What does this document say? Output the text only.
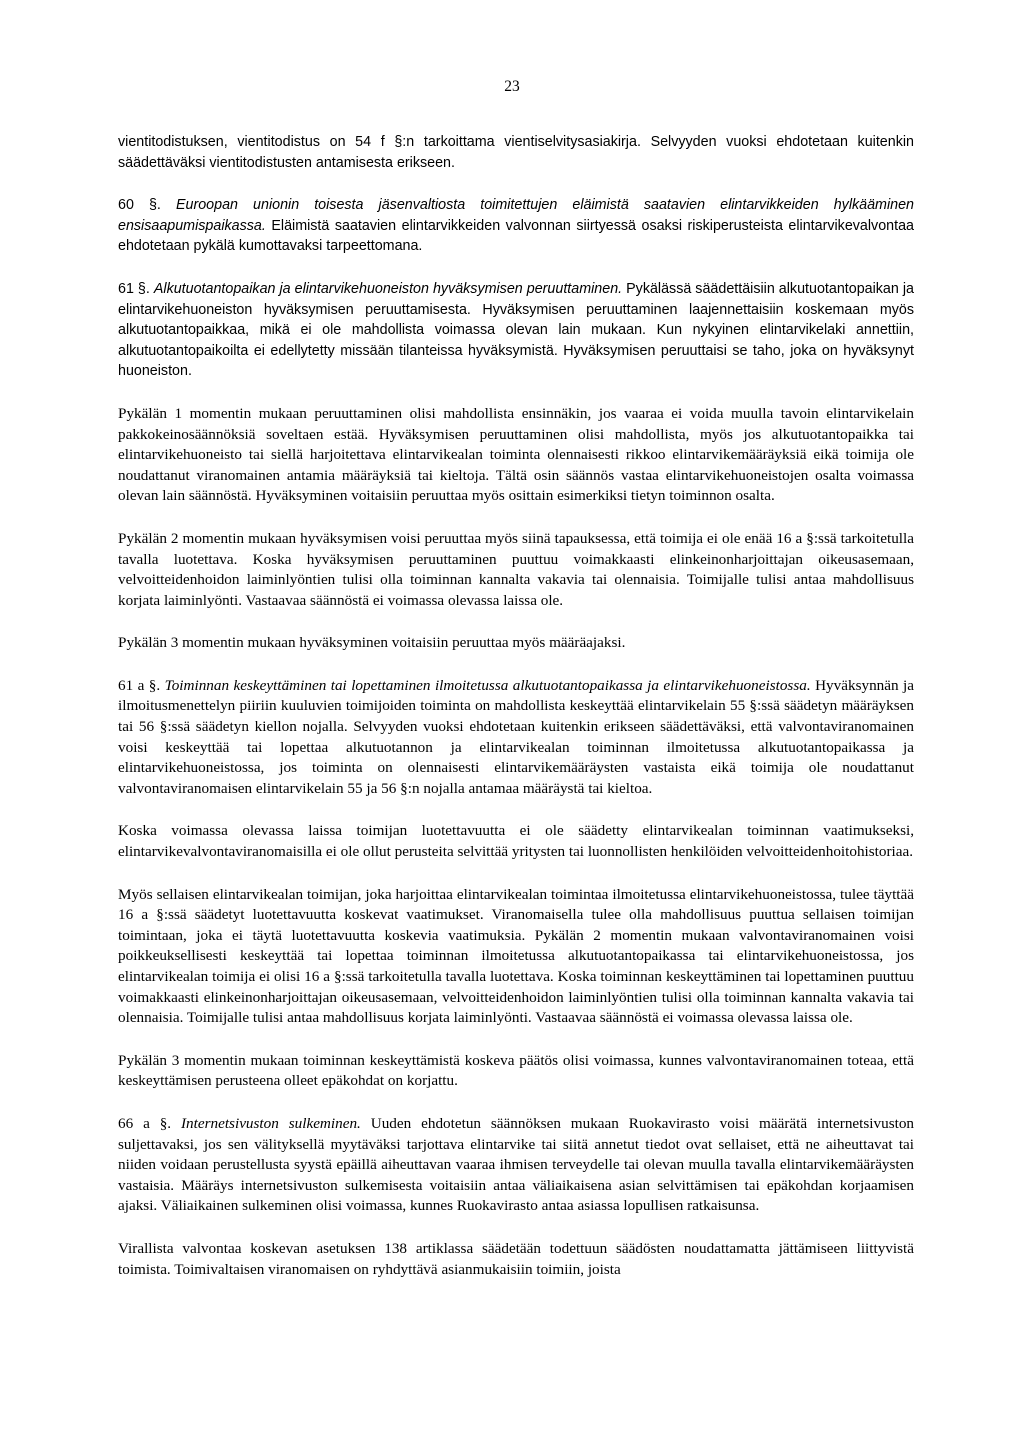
23

vientitodistuksen, vientitodistus on 54 f §:n tarkoittama vientiselvitysasiakirja. Selvyyden vuoksi ehdotetaan kuitenkin säädettäväksi vientitodistusten antamisesta erikseen.

60 §. Euroopan unionin toisesta jäsenvaltiosta toimitettujen eläimistä saatavien elintarvikkeiden hylkääminen ensisaapumispaikassa. Eläimistä saatavien elintarvikkeiden valvonnan siirtyessä osaksi riskiperusteista elintarvikevalvontaa ehdotetaan pykälä kumottavaksi tarpeettomana.

61 §. Alkutuotantopaikan ja elintarvikehuoneiston hyväksymisen peruuttaminen. Pykälässä säädettäisiin alkutuotantopaikan ja elintarvikehuoneiston hyväksymisen peruuttamisesta. Hyväksymisen peruuttaminen laajennettaisiin koskemaan myös alkutuotantopaikkaa, mikä ei ole mahdollista voimassa olevan lain mukaan. Kun nykyinen elintarvikelaki annettiin, alkutuotantopaikoilta ei edellytetty missään tilanteissa hyväksymistä. Hyväksymisen peruuttaisi se taho, joka on hyväksynyt huoneiston.

Pykälän 1 momentin mukaan peruuttaminen olisi mahdollista ensinnäkin, jos vaaraa ei voida muulla tavoin elintarvikelain pakkokeinosäännöksiä soveltaen estää. Hyväksymisen peruuttaminen olisi mahdollista, myös jos alkutuotantopaikka tai elintarvikehuoneisto tai siellä harjoitettava elintarvikealan toiminta olennaisesti rikkoo elintarvikemääräyksiä eikä toimija ole noudattanut viranomainen antamia määräyksiä tai kieltoja. Tältä osin säännös vastaa elintarvikehuoneistojen osalta voimassa olevan lain säännöstä. Hyväksyminen voitaisiin peruuttaa myös osittain esimerkiksi tietyn toiminnon osalta.

Pykälän 2 momentin mukaan hyväksymisen voisi peruuttaa myös siinä tapauksessa, että toimija ei ole enää 16 a §:ssä tarkoitetulla tavalla luotettava. Koska hyväksymisen peruuttaminen puuttuu voimakkaasti elinkeinonharjoittajan oikeusasemaan, velvoitteidenhoidon laiminlyöntien tulisi olla toiminnan kannalta vakavia tai olennaisia. Toimijalle tulisi antaa mahdollisuus korjata laiminlyönti. Vastaavaa säännöstä ei voimassa olevassa laissa ole.

Pykälän 3 momentin mukaan hyväksyminen voitaisiin peruuttaa myös määräajaksi.

61 a §. Toiminnan keskeyttäminen tai lopettaminen ilmoitetussa alkutuotantopaikassa ja elintarvikehuoneistossa. Hyväksynnän ja ilmoitusmenettelyn piiriin kuuluvien toimijoiden toiminta on mahdollista keskeyttää elintarvikelain 55 §:ssä säädetyn määräyksen tai 56 §:ssä säädetyn kiellon nojalla. Selvyyden vuoksi ehdotetaan kuitenkin erikseen säädettäväksi, että valvontaviranomainen voisi keskeyttää tai lopettaa alkutuotannon ja elintarvikealan toiminnan ilmoitetussa alkutuotantopaikassa ja elintarvikehuoneistossa, jos toiminta on olennaisesti elintarvikemääräysten vastaista eikä toimija ole noudattanut valvontaviranomaisen elintarvikelain 55 ja 56 §:n nojalla antamaa määräystä tai kieltoa.

Koska voimassa olevassa laissa toimijan luotettavuutta ei ole säädetty elintarvikealan toiminnan vaatimukseksi, elintarvikevalvontaviranomaisilla ei ole ollut perusteita selvittää yritysten tai luonnollisten henkilöiden velvoitteidenhoitohistoriaa.

Myös sellaisen elintarvikealan toimijan, joka harjoittaa elintarvikealan toimintaa ilmoitetussa elintarvikehuoneistossa, tulee täyttää 16 a §:ssä säädetyt luotettavuutta koskevat vaatimukset. Viranomaisella tulee olla mahdollisuus puuttua sellaisen toimijan toimintaan, joka ei täytä luotettavuutta koskevia vaatimuksia. Pykälän 2 momentin mukaan valvontaviranomainen voisi poikkeuksellisesti keskeyttää tai lopettaa toiminnan ilmoitetussa alkutuotantopaikassa tai elintarvikehuoneistossa, jos elintarvikealan toimija ei olisi 16 a §:ssä tarkoitetulla tavalla luotettava. Koska toiminnan keskeyttäminen tai lopettaminen puuttuu voimakkaasti elinkeinonharjoittajan oikeusasemaan, velvoitteidenhoidon laiminlyöntien tulisi olla toiminnan kannalta vakavia tai olennaisia. Toimijalle tulisi antaa mahdollisuus korjata laiminlyönti. Vastaavaa säännöstä ei voimassa olevassa laissa ole.

Pykälän 3 momentin mukaan toiminnan keskeyttämistä koskeva päätös olisi voimassa, kunnes valvontaviranomainen toteaa, että keskeyttämisen perusteena olleet epäkohdat on korjattu.

66 a §. Internetsivuston sulkeminen. Uuden ehdotetun säännöksen mukaan Ruokavirasto voisi määrätä internetsivuston suljettavaksi, jos sen välityksellä myytäväksi tarjottava elintarvike tai siitä annetut tiedot ovat sellaiset, että ne aiheuttavat tai niiden voidaan perustellusta syystä epäillä aiheuttavan vaaraa ihmisen terveydelle tai olevan muulla tavalla elintarvikemääräysten vastaisia. Määräys internetsivuston sulkemisesta voitaisiin antaa väliaikaisena asian selvittämisen tai epäkohdan korjaamisen ajaksi. Väliaikainen sulkeminen olisi voimassa, kunnes Ruokavirasto antaa asiassa lopullisen ratkaisunsa.

Virallista valvontaa koskevan asetuksen 138 artiklassa säädetään todettuun säädösten noudattamatta jättämiseen liittyvistä toimista. Toimivaltaisen viranomaisen on ryhdyttävä asianmukaisiin toimiin, joista
